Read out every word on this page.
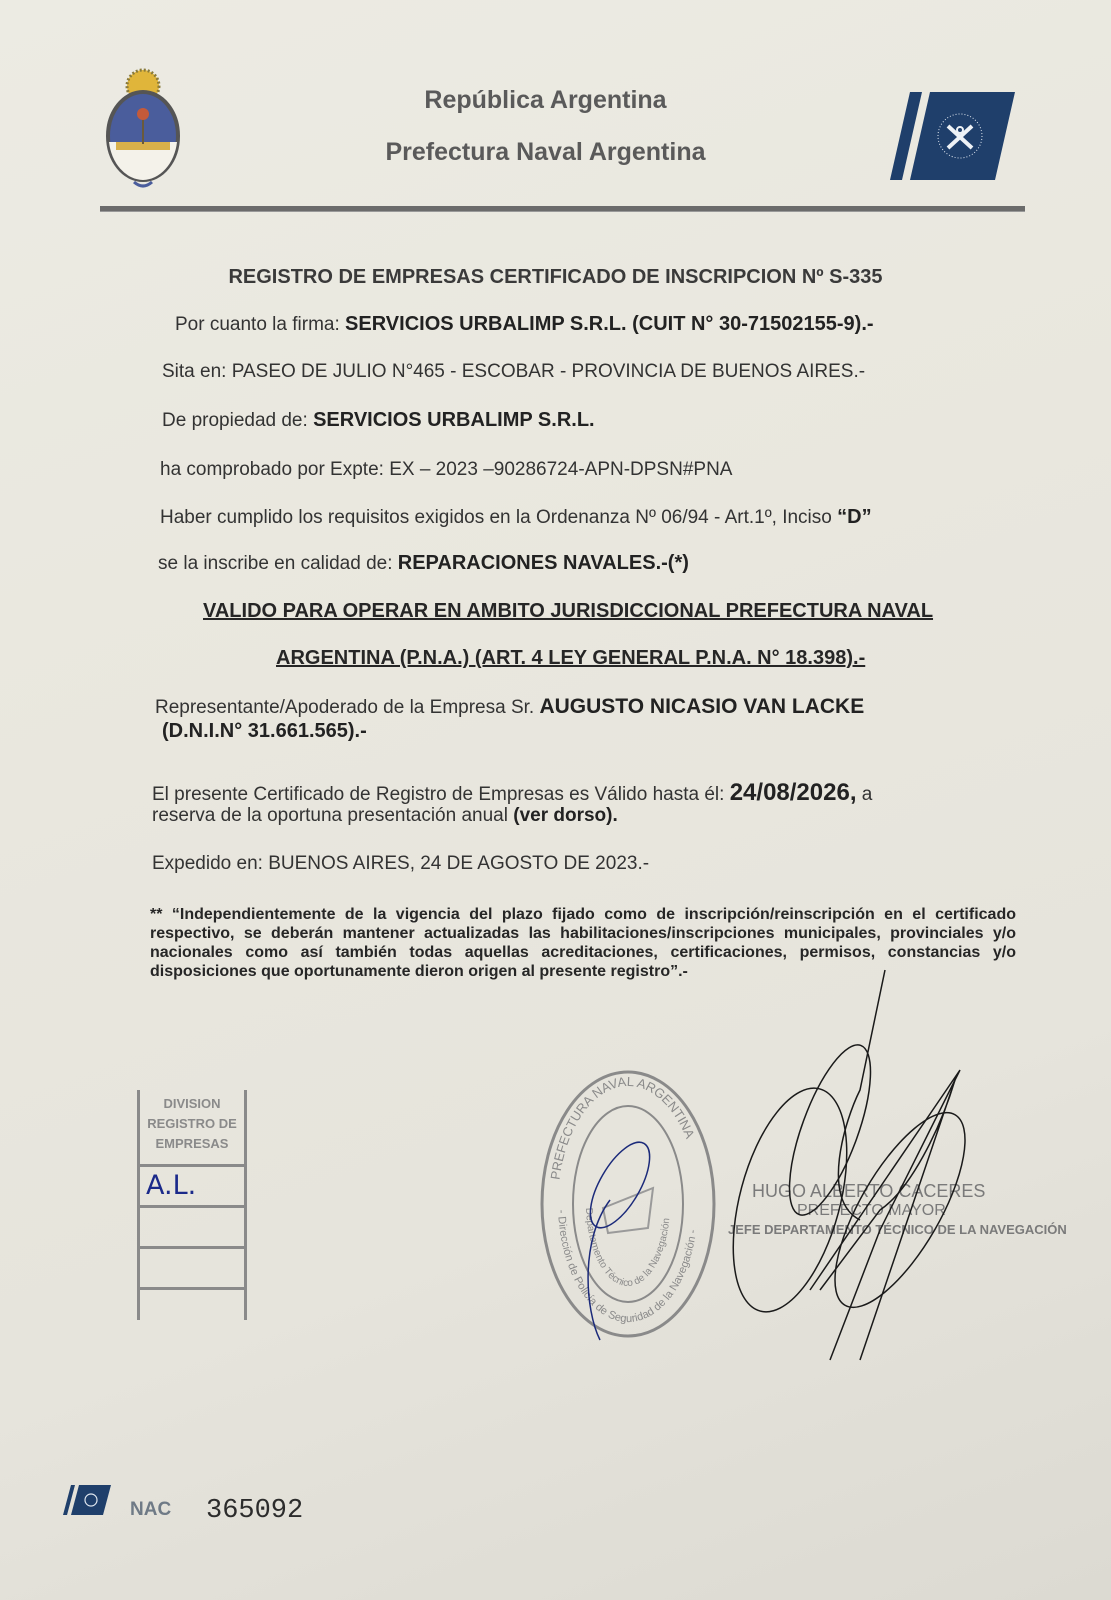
República Argentina
Prefectura Naval Argentina
REGISTRO DE EMPRESAS CERTIFICADO DE INSCRIPCION Nº S-335
Por cuanto la firma: SERVICIOS URBALIMP S.R.L. (CUIT N° 30-71502155-9).-
Sita en: PASEO DE JULIO N°465 - ESCOBAR - PROVINCIA DE BUENOS AIRES.-
De propiedad de: SERVICIOS URBALIMP S.R.L.
ha comprobado por Expte: EX – 2023 –90286724-APN-DPSN#PNA
Haber cumplido los requisitos exigidos en la Ordenanza Nº 06/94 - Art.1º, Inciso “D”
se la inscribe en calidad de: REPARACIONES NAVALES.-(*)
VALIDO PARA OPERAR EN AMBITO JURISDICCIONAL PREFECTURA NAVAL
ARGENTINA (P.N.A.) (ART. 4 LEY GENERAL P.N.A. N° 18.398).-
Representante/Apoderado de la Empresa Sr. AUGUSTO NICASIO VAN LACKE
(D.N.I.N° 31.661.565).-
El presente Certificado de Registro de Empresas es Válido hasta él: 24/08/2026, a
reserva de la oportuna presentación anual (ver dorso).
Expedido en: BUENOS AIRES, 24 DE AGOSTO DE 2023.-
** “Independientemente de la vigencia del plazo fijado como de inscripción/reinscripción en el certificado respectivo, se deberán mantener actualizadas las habilitaciones/inscripciones municipales, provinciales y/o nacionales como así también todas aquellas acreditaciones, certificaciones, permisos, constancias y/o disposiciones que oportunamente dieron origen al presente registro”.-
DIVISION
REGISTRO DE
EMPRESAS
A.L.	PREFECTURA NAVAL ARGENTINA
- Dirección de Policía de Seguridad de la Navegación -
Departamento Técnico de la Navegación
HUGO ALBERTO CACERES
PREFECTO MAYOR
JEFE DEPARTAMENTO TÉCNICO DE LA NAVEGACIÓN
NAC 365092
